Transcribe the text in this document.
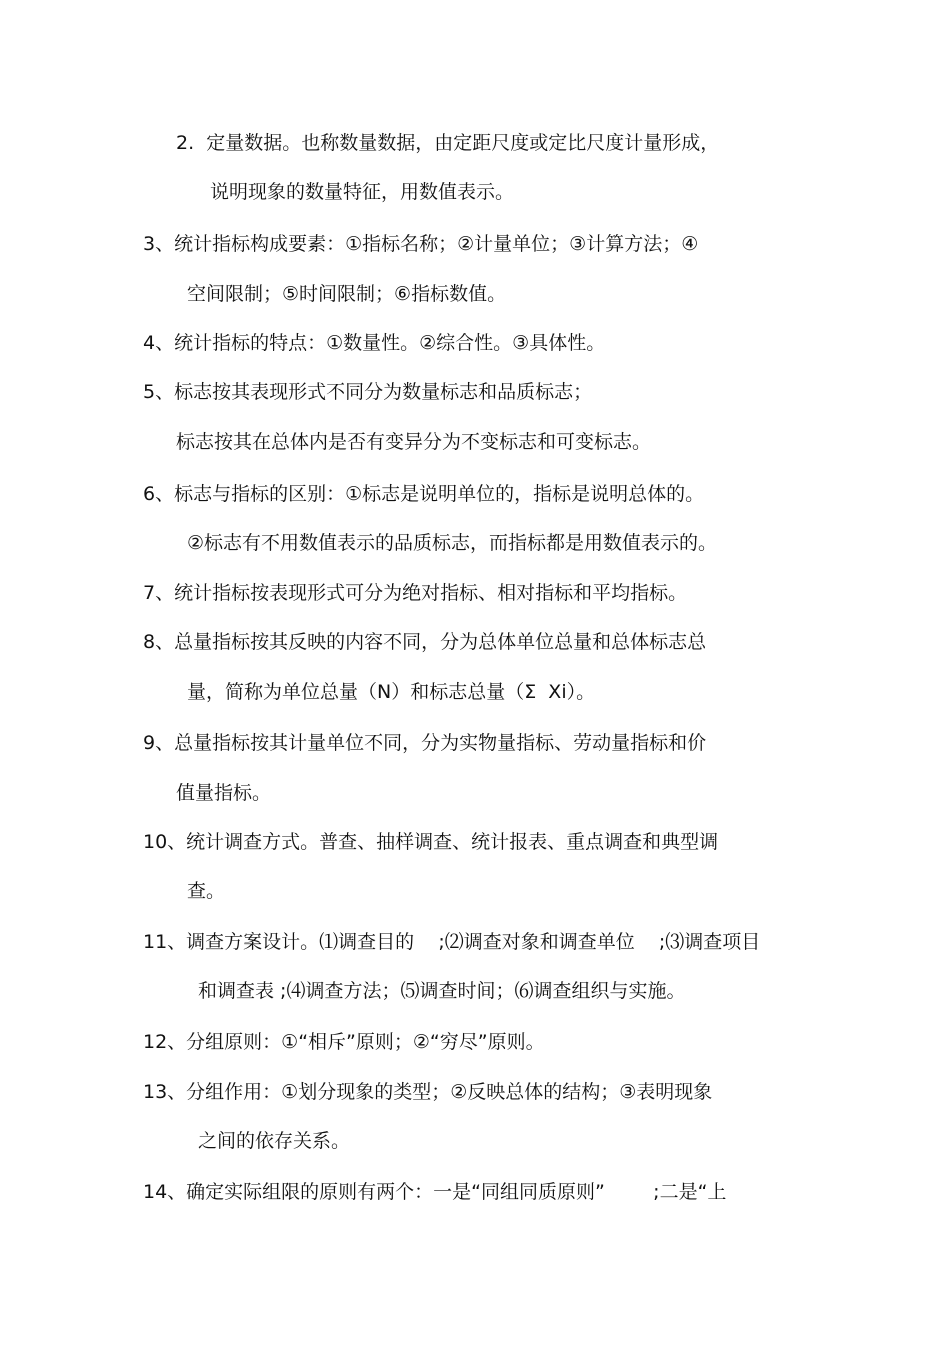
2.  定量数据。也称数量数据，由定距尺度或定比尺度计量形成，
说明现象的数量特征，用数值表示。
3、统计指标构成要素：①指标名称；②计量单位；③计算方法；④
空间限制；⑤时间限制；⑥指标数值。
4、统计指标的特点：①数量性。②综合性。③具体性。
5、标志按其表现形式不同分为数量标志和品质标志；
标志按其在总体内是否有变异分为不变标志和可变标志。
6、标志与指标的区别：①标志是说明单位的，指标是说明总体的。
②标志有不用数值表示的品质标志，而指标都是用数值表示的。
7、统计指标按表现形式可分为绝对指标、相对指标和平均指标。
8、总量指标按其反映的内容不同，分为总体单位总量和总体标志总
量，简称为单位总量（N）和标志总量（Σ  Xi）。
9、总量指标按其计量单位不同，分为实物量指标、劳动量指标和价
值量指标。
10、统计调查方式。普查、抽样调查、统计报表、重点调查和典型调
查。
11、调查方案设计。⑴调查目的    ;⑵调查对象和调查单位    ;⑶调查项目
和调查表 ;⑷调查方法；⑸调查时间；⑹调查组织与实施。
12、分组原则：①“相斥”原则；②“穷尽”原则。
13、分组作用：①划分现象的类型；②反映总体的结构；③表明现象
之间的依存关系。
14、确定实际组限的原则有两个：一是“同组同质原则”        ;二是“上
